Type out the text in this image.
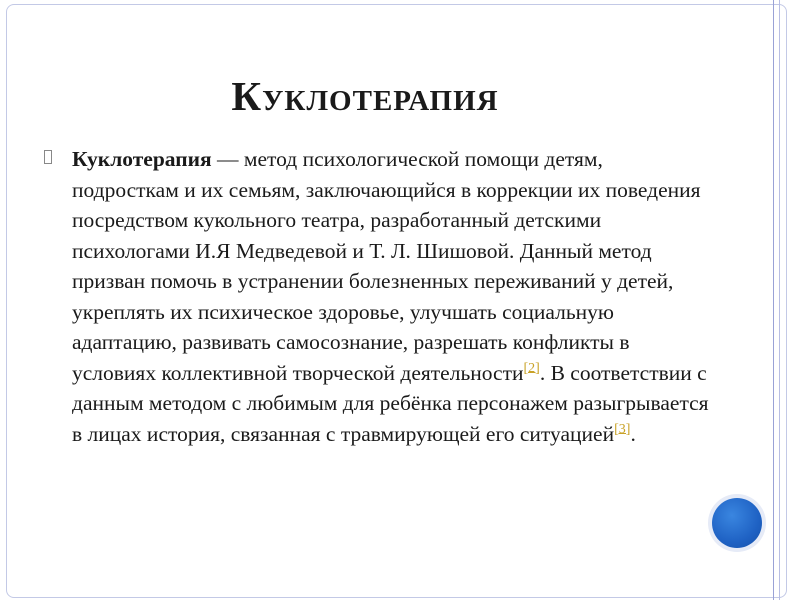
Куклотерапия

Куклотерапия — метод психологической помощи детям, подросткам и их семьям, заключающийся в коррекции их поведения посредством кукольного театра, разработанный детскими психологами И.Я Медведевой и Т. Л. Шишовой. Данный метод призван помочь в устранении болезненных переживаний у детей, укреплять их психическое здоровье, улучшать социальную адаптацию, развивать самосознание, разрешать конфликты в условиях коллективной творческой деятельности[2]. В соответствии с данным методом с любимым для ребёнка персонажем разыгрывается в лицах история, связанная с травмирующей его ситуацией[3].
